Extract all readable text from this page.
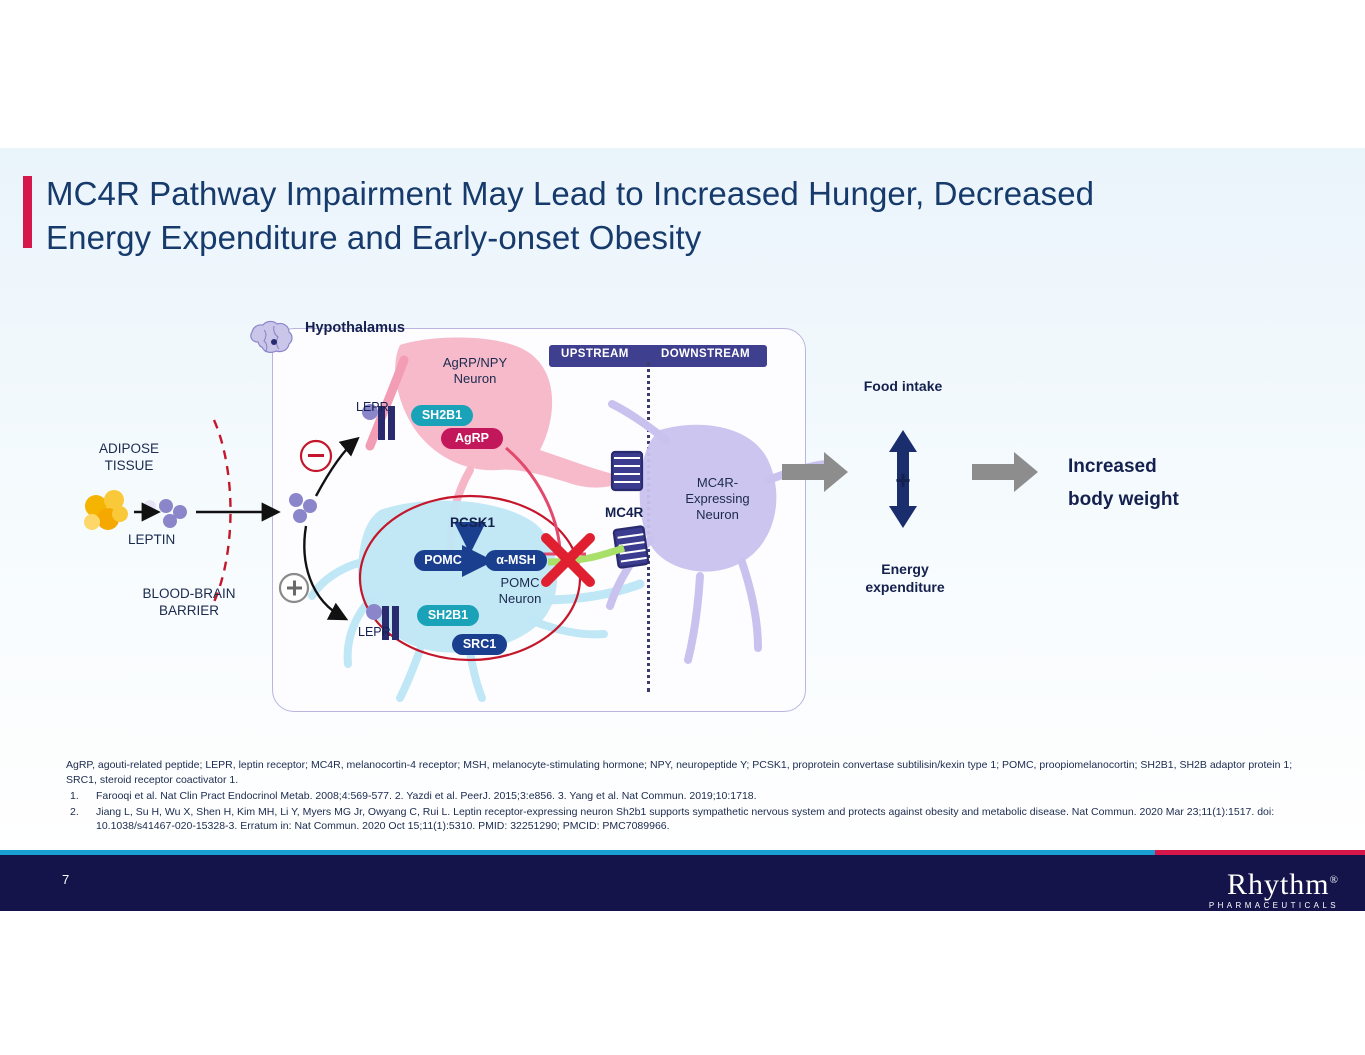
MC4R Pathway Impairment May Lead to Increased Hunger, Decreased Energy Expenditure and Early-onset Obesity
Hypothalamus
UPSTREAM	DOWNSTREAM
ADIPOSE
TISSUE
LEPTIN
BLOOD-BRAIN
BARRIER
LEPR
LEPR
SH2B1
AgRP
SH2B1
SRC1
POMC	α-MSH
PCSK1
AgRP/NPY
Neuron
POMC
Neuron
MC4R-
Expressing
Neuron
MC4R
Food intake
+
Energy
expenditure
Increased
body weight
AgRP, agouti-related peptide; LEPR, leptin receptor; MC4R, melanocortin-4 receptor; MSH, melanocyte-stimulating hormone; NPY, neuropeptide Y; PCSK1, proprotein convertase subtilisin/kexin type 1; POMC, proopiomelanocortin; SH2B1, SH2B adaptor protein 1; SRC1, steroid receptor coactivator 1.
1.	Farooqi et al. Nat Clin Pract Endocrinol Metab. 2008;4:569-577. 2. Yazdi et al. PeerJ. 2015;3:e856. 3. Yang et al. Nat Commun. 2019;10:1718.
2.	Jiang L, Su H, Wu X, Shen H, Kim MH, Li Y, Myers MG Jr, Owyang C, Rui L. Leptin receptor-expressing neuron Sh2b1 supports sympathetic nervous system and protects against obesity and metabolic disease. Nat Commun. 2020 Mar 23;11(1):1517. doi: 10.1038/s41467-020-15328-3. Erratum in: Nat Commun. 2020 Oct 15;11(1):5310. PMID: 32251290; PMCID: PMC7089966.
7	Rhythm®
PHARMACEUTICALS
